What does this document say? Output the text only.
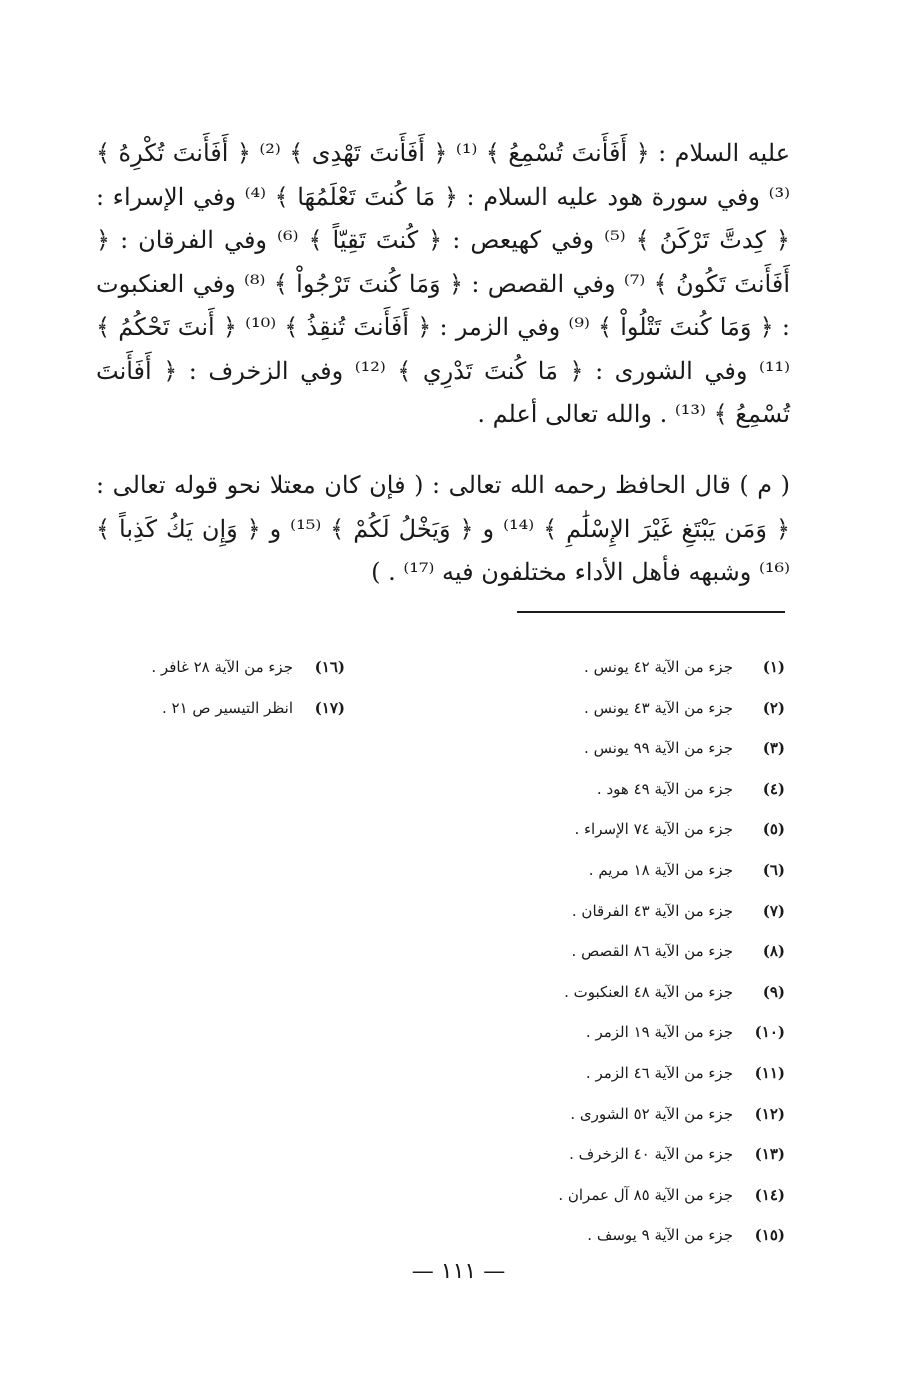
عليه السلام : ﴿ أَفَأَنتَ تُسْمِعُ ﴾ ⁽¹⁾ ﴿ أَفَأَنتَ تَهْدِى ﴾ ⁽²⁾ ﴿ أَفَأَنتَ تُكْرِهُ ﴾ ⁽³⁾ وفي سورة هود عليه السلام : ﴿ مَا كُنتَ تَعْلَمُهَا ﴾ ⁽⁴⁾ وفي الإسراء : ﴿ كِدتَّ تَرْكَنُ ﴾ ⁽⁵⁾ وفي كهيعص : ﴿ كُنتَ تَقِيّاً ﴾ ⁽⁶⁾ وفي الفرقان : ﴿ أَفَأَنتَ تَكُونُ ﴾ ⁽⁷⁾ وفي القصص : ﴿ وَمَا كُنتَ تَرْجُواْ ﴾ ⁽⁸⁾ وفي العنكبوت : ﴿ وَمَا كُنتَ تَتْلُواْ ﴾ ⁽⁹⁾ وفي الزمر : ﴿ أَفَأَنتَ تُنقِذُ ﴾ ⁽¹⁰⁾ ﴿ أَنتَ تَحْكُمُ ﴾ ⁽¹¹⁾ وفي الشورى : ﴿ مَا كُنتَ تَدْرِي ﴾ ⁽¹²⁾ وفي الزخرف : ﴿ أَفَأَنتَ تُسْمِعُ ﴾ ⁽¹³⁾ . والله تعالى أعلم .

( م ) قال الحافظ رحمه الله تعالى : ( فإن كان معتلا نحو قوله تعالى : ﴿ وَمَن يَبْتَغِ غَيْرَ الإِسْلَٰمِ ﴾ ⁽¹⁴⁾ و ﴿ وَيَخْلُ لَكُمْ ﴾ ⁽¹⁵⁾ و ﴿ وَإِن يَكُ كَذِباً ﴾ ⁽¹⁶⁾ وشبهه فأهل الأداء مختلفون فيه ⁽¹⁷⁾ . )

(١)جزء من الآية ٤٢ يونس .
(٢)جزء من الآية ٤٣ يونس .
(٣)جزء من الآية ٩٩ يونس .
(٤)جزء من الآية ٤٩ هود .
(٥)جزء من الآية ٧٤ الإسراء .
(٦)جزء من الآية ١٨ مريم .
(٧)جزء من الآية ٤٣ الفرقان .
(٨)جزء من الآية ٨٦ القصص .
(٩)جزء من الآية ٤٨ العنكبوت .
(١٠)جزء من الآية ١٩ الزمر .
(١١)جزء من الآية ٤٦ الزمر .
(١٢)جزء من الآية ٥٢ الشورى .
(١٣)جزء من الآية ٤٠ الزخرف .
(١٤)جزء من الآية ٨٥ آل عمران .
(١٥)جزء من الآية ٩ يوسف .
(١٦)جزء من الآية ٢٨ غافر .
(١٧)انظر التيسير ص ٢١ .
— ١١١ —
